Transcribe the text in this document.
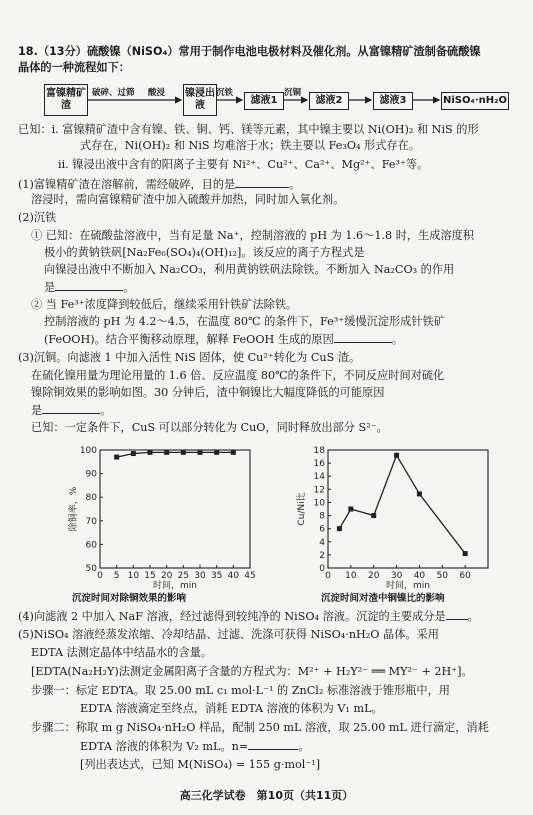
18.（13分）硫酸镍（NiSO₄）常用于制作电池电极材料及催化剂。从富镍精矿渣制备硫酸镍
晶体的一种流程如下：
富镍精矿渣
镍浸出液	滤液1	滤液2	滤液3	NiSO₄·nH₂O
破碎、过筛 酸浸	沉铁	沉铜
已知：i. 富镍精矿渣中含有镍、铁、铜、钙、镁等元素，其中镍主要以 Ni(OH)₂ 和 NiS 的形
式存在，Ni(OH)₂ 和 NiS 均难溶于水；铁主要以 Fe₃O₄ 形式存在。
ii. 镍浸出液中含有的阳离子主要有 Ni²⁺、Cu²⁺、Ca²⁺、Mg²⁺、Fe³⁺等。
(1)富镍精矿渣在溶解前，需经破碎，目的是	。
溶浸时，需向富镍精矿渣中加入硫酸并加热，同时加入氧化剂。
(2)沉铁
① 已知：在硫酸盐溶液中，当有足量 Na⁺，控制溶液的 pH 为 1.6～1.8 时，生成溶度积
极小的黄钠铁矾[Na₂Fe₆(SO₄)₄(OH)₁₂]。该反应的离子方程式是
向镍浸出液中不断加入 Na₂CO₃，利用黄钠铁矾法除铁。不断加入 Na₂CO₃ 的作用
是	。
② 当 Fe³⁺浓度降到较低后，继续采用针铁矿法除铁。
控制溶液的 pH 为 4.2～4.5，在温度 80℃ 的条件下，Fe³⁺缓慢沉淀形成针铁矿
(FeOOH)。结合平衡移动原理，解释 FeOOH 生成的原因	。
(3)沉铜。向滤液 1 中加入活性 NiS 固体，使 Cu²⁺转化为 CuS 渣。
在硫化镍用量为理论用量的 1.6 倍、反应温度 80℃的条件下，不同反应时间对硫化
镍除铜效果的影响如图。30 分钟后，渣中铜镍比大幅度降低的可能原因
是	。
已知：一定条件下，CuS 可以部分转化为 CuO，同时释放出部分 S²⁻。
50
60
70
80
90
100
0 5 10 15 20 25 30 35 40 45
时间，min
除铜率，%
沉淀时间对除铜效果的影响
0
2
4
6
8
10
12
14
16
18
0 10 20 30 40 50 60
时间，min
Cu/Ni比
沉淀时间对渣中铜镍比的影响
(4)向滤液 2 中加入 NaF 溶液，经过滤得到较纯净的 NiSO₄ 溶液。沉淀的主要成分是 。
(5)NiSO₄ 溶液经蒸发浓缩、冷却结晶、过滤、洗涤可获得 NiSO₄·nH₂O 晶体。采用
EDTA 法测定晶体中结晶水的含量。
[EDTA(Na₂H₂Y)法测定金属阳离子含量的方程式为：M²⁺ + H₂Y²⁻ ══ MY²⁻ + 2H⁺]。
步骤一：标定 EDTA。取 25.00 mL c₁ mol·L⁻¹ 的 ZnCl₂ 标准溶液于锥形瓶中，用
EDTA 溶液滴定至终点，消耗 EDTA 溶液的体积为 V₁ mL。
步骤二：称取 m g NiSO₄·nH₂O 样品，配制 250 mL 溶液，取 25.00 mL 进行滴定，消耗
EDTA 溶液的体积为 V₂ mL。n=	。
[列出表达式，已知 M(NiSO₄) = 155 g·mol⁻¹]
高三化学试卷　第10页（共11页）
